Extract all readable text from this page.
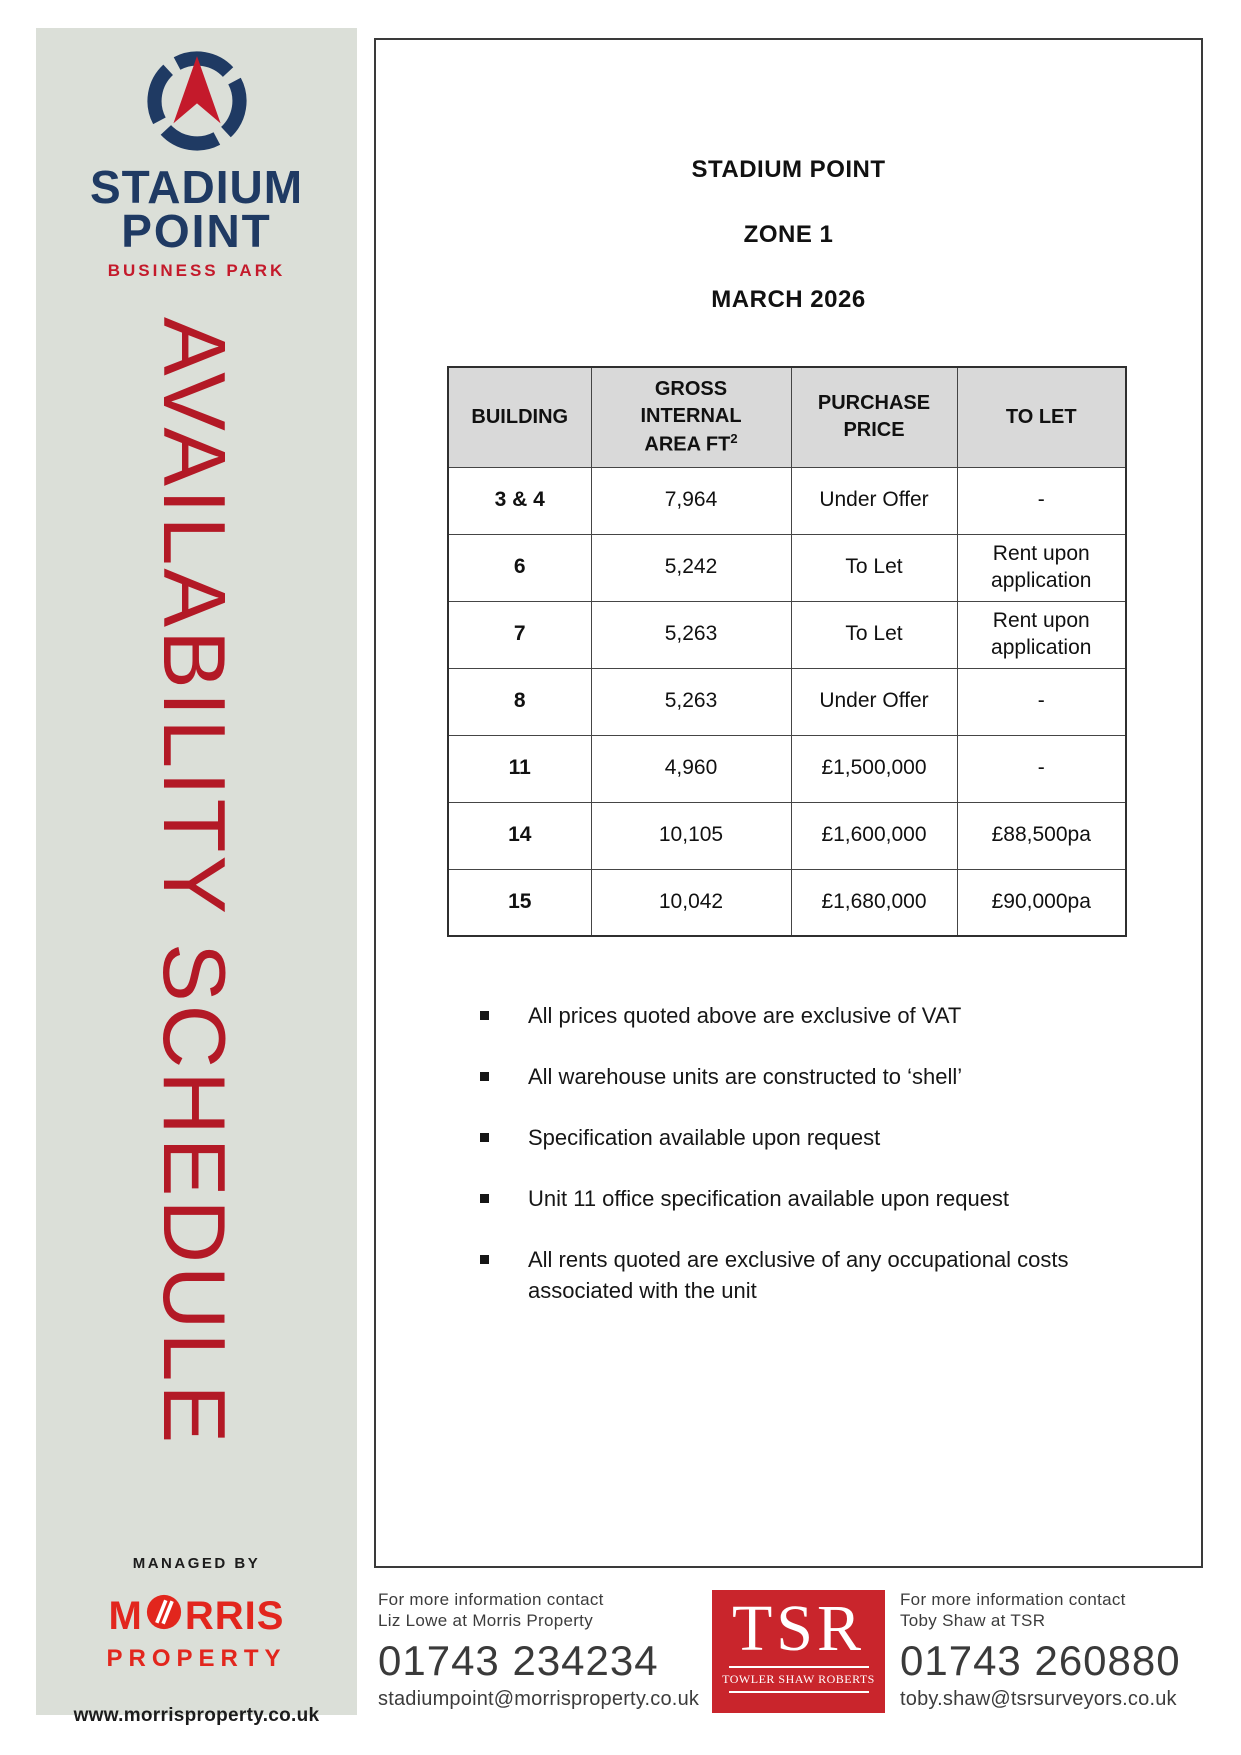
STADIUM
POINT
BUSINESS PARK
AVAILABILITY SCHEDULE
MANAGED BY
M RRIS
PROPERTY
www.morrisproperty.co.uk
STADIUM POINT
ZONE 1
MARCH 2026
BUILDING	GROSS INTERNAL AREA $FT^2$	PURCHASE PRICE	TO LET
3 & 4	7,964	Under Offer	-
6	5,242	To Let	Rent upon application
7	5,263	To Let	Rent upon application
8	5,263	Under Offer	-
11	4,960	£1,500,000	-
14	10,105	£1,600,000	£88,500pa
15	10,042	£1,680,000	£90,000pa
All prices quoted above are exclusive of VAT
All warehouse units are constructed to ‘shell’
Specification available upon request
Unit 11 office specification available upon request
All rents quoted are exclusive of any occupational costs associated with the unit
For more information contact
Liz Lowe at Morris Property
01743 234234
stadiumpoint@morrisproperty.co.uk
TSR
TOWLER SHAW ROBERTS
For more information contact
Toby Shaw at TSR
01743 260880
toby.shaw@tsrsurveyors.co.uk
